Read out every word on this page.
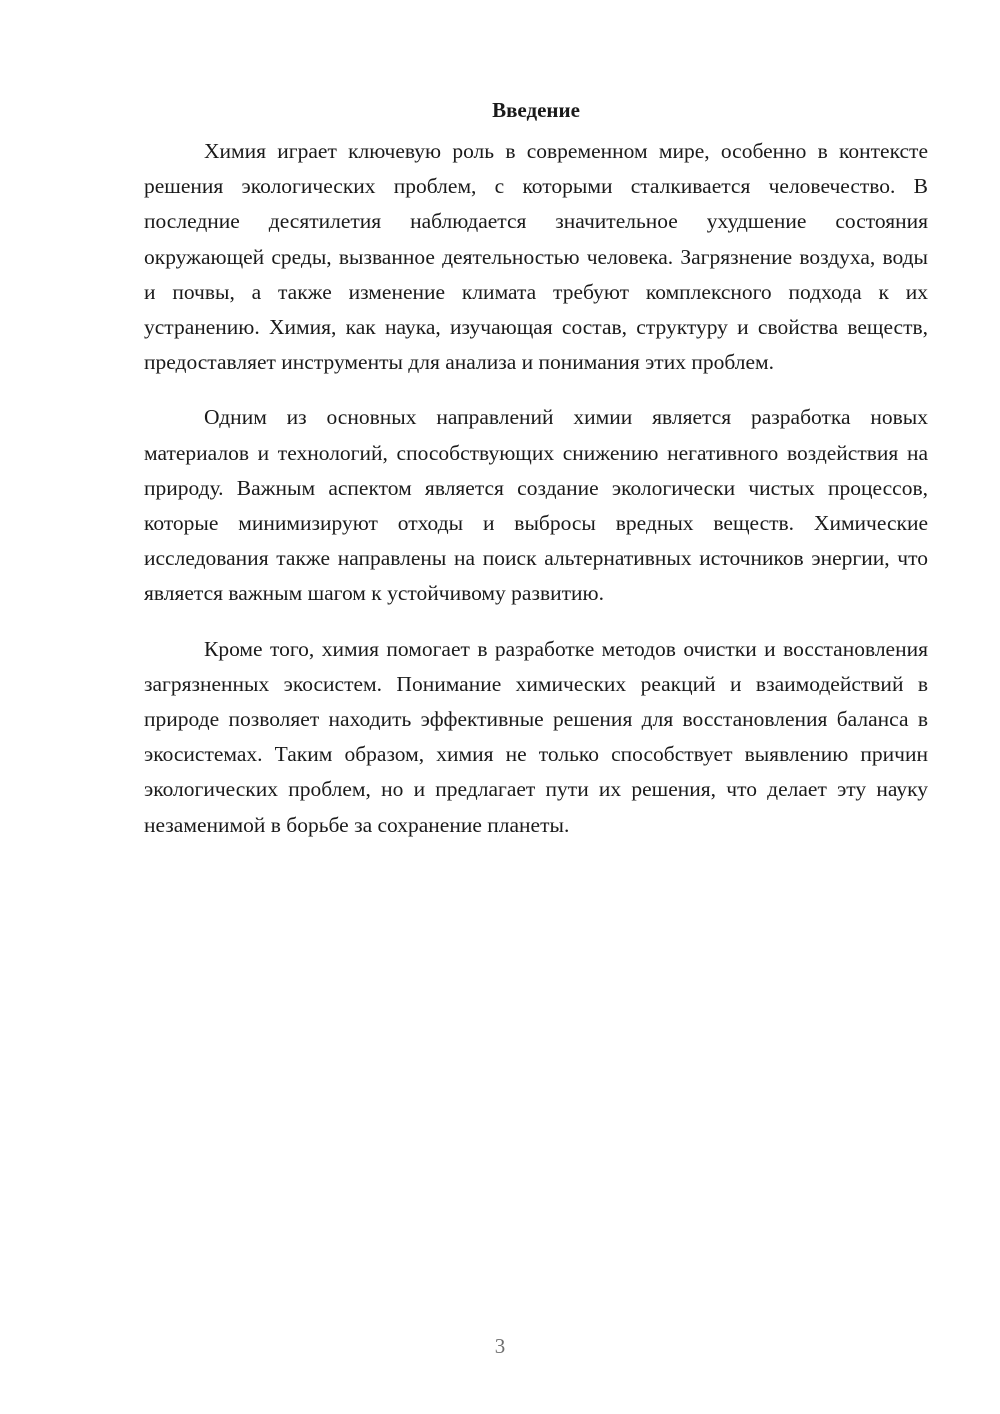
Введение

Химия играет ключевую роль в современном мире, особенно в контексте решения экологических проблем, с которыми сталкивается человечество. В последние десятилетия наблюдается значительное ухудшение состояния окружающей среды, вызванное деятельностью человека. Загрязнение воздуха, воды и почвы, а также изменение климата требуют комплексного подхода к их устранению. Химия, как наука, изучающая состав, структуру и свойства веществ, предоставляет инструменты для анализа и понимания этих проблем.

Одним из основных направлений химии является разработка новых материалов и технологий, способствующих снижению негативного воздействия на природу. Важным аспектом является создание экологически чистых процессов, которые минимизируют отходы и выбросы вредных веществ. Химические исследования также направлены на поиск альтернативных источников энергии, что является важным шагом к устойчивому развитию.

Кроме того, химия помогает в разработке методов очистки и восстановления загрязненных экосистем. Понимание химических реакций и взаимодействий в природе позволяет находить эффективные решения для восстановления баланса в экосистемах. Таким образом, химия не только способствует выявлению причин экологических проблем, но и предлагает пути их решения, что делает эту науку незаменимой в борьбе за сохранение планеты.

3
